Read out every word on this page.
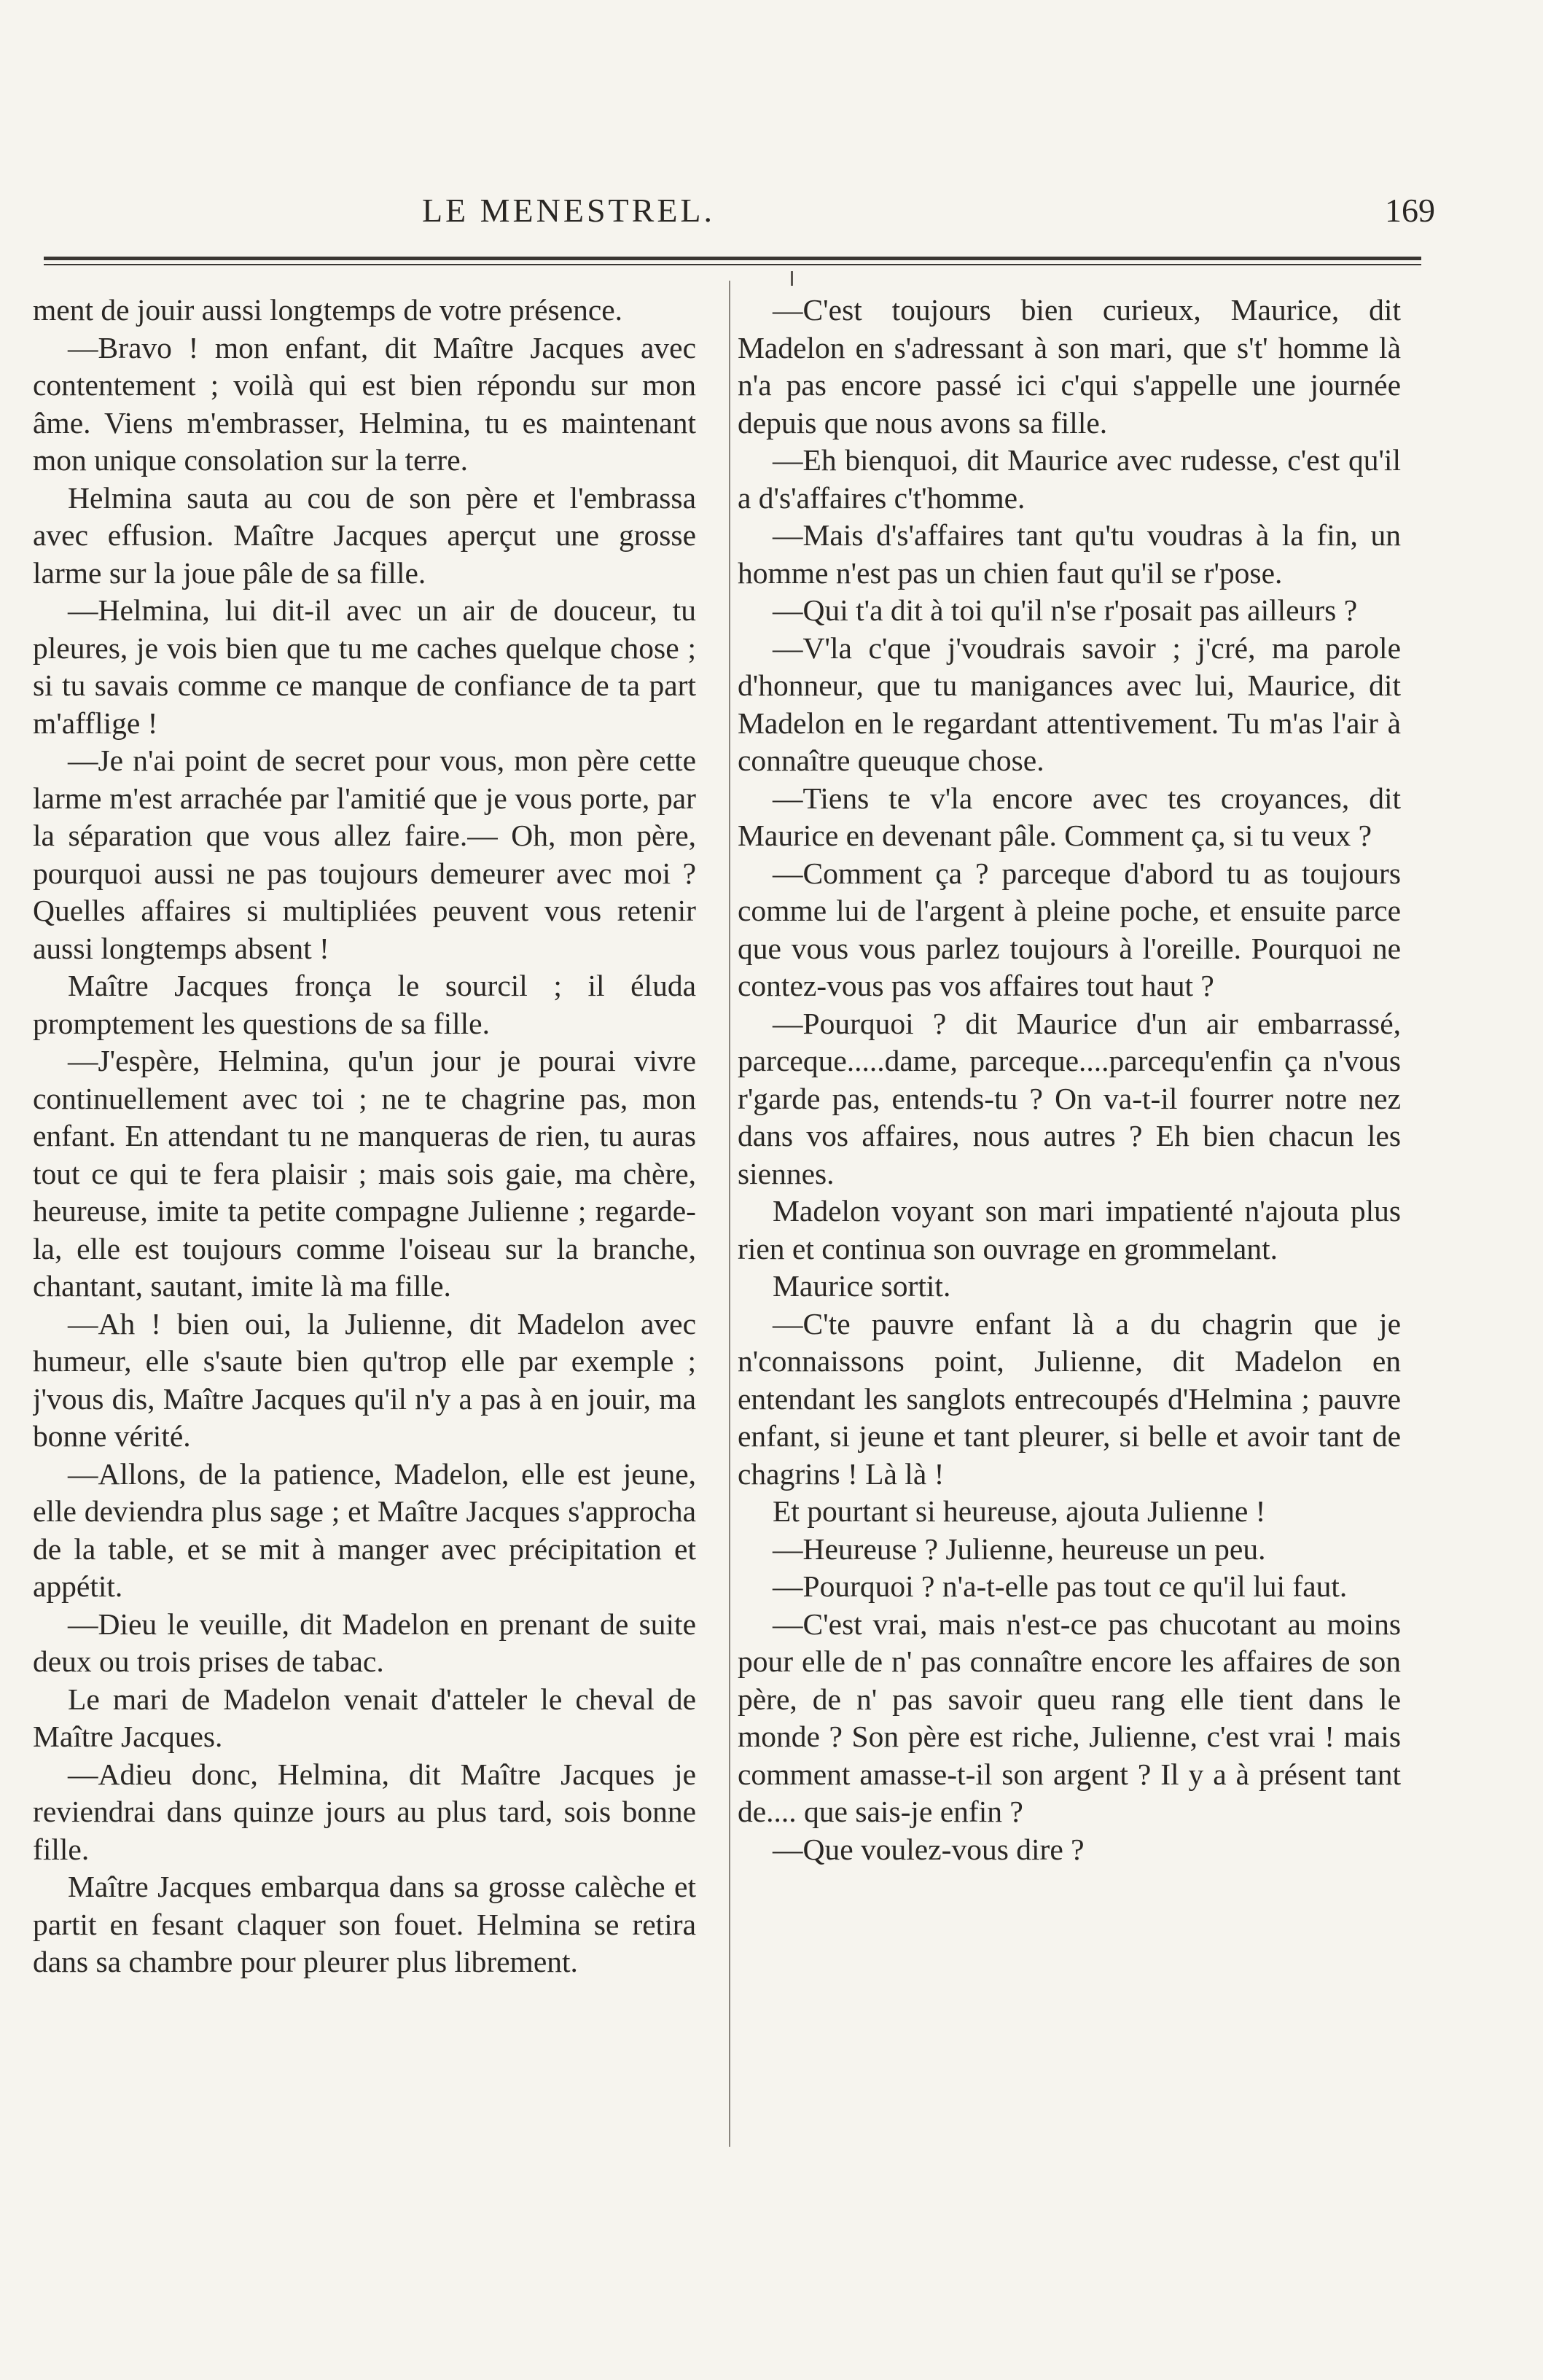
LE MENESTREL.	169

ment de jouir aussi longtemps de votre présence.

—Bravo ! mon enfant, dit Maître Jacques avec contentement ; voilà qui est bien répondu sur mon âme. Viens m'embrasser, Helmina, tu es maintenant mon unique consolation sur la terre.

Helmina sauta au cou de son père et l'embrassa avec effusion. Maître Jacques aperçut une grosse larme sur la joue pâle de sa fille.

—Helmina, lui dit-il avec un air de douceur, tu pleures, je vois bien que tu me caches quelque chose ; si tu savais comme ce manque de confiance de ta part m'afflige !

—Je n'ai point de secret pour vous, mon père cette larme m'est arrachée par l'amitié que je vous porte, par la séparation que vous allez faire.— Oh, mon père, pourquoi aussi ne pas toujours demeurer avec moi ? Quelles affaires si multipliées peuvent vous retenir aussi longtemps absent !

Maître Jacques fronça le sourcil ; il éluda promptement les questions de sa fille.

—J'espère, Helmina, qu'un jour je pourai vivre continuellement avec toi ; ne te chagrine pas, mon enfant. En attendant tu ne manqueras de rien, tu auras tout ce qui te fera plaisir ; mais sois gaie, ma chère, heureuse, imite ta petite compagne Julienne ; regarde-la, elle est toujours comme l'oiseau sur la branche, chantant, sautant, imite là ma fille.

—Ah ! bien oui, la Julienne, dit Madelon avec humeur, elle s'saute bien qu'trop elle par exemple ; j'vous dis, Maître Jacques qu'il n'y a pas à en jouir, ma bonne vérité.

—Allons, de la patience, Madelon, elle est jeune, elle deviendra plus sage ; et Maître Jacques s'approcha de la table, et se mit à manger avec précipitation et appétit.

—Dieu le veuille, dit Madelon en prenant de suite deux ou trois prises de tabac.

Le mari de Madelon venait d'atteler le cheval de Maître Jacques.

—Adieu donc, Helmina, dit Maître Jacques je reviendrai dans quinze jours au plus tard, sois bonne fille.

Maître Jacques embarqua dans sa grosse calèche et partit en fesant claquer son fouet. Helmina se retira dans sa chambre pour pleurer plus librement.

—C'est toujours bien curieux, Maurice, dit Madelon en s'adressant à son mari, que s't' homme là n'a pas encore passé ici c'qui s'appelle une journée depuis que nous avons sa fille.

—Eh bienquoi, dit Maurice avec rudesse, c'est qu'il a d's'affaires c't'homme.

—Mais d's'affaires tant qu'tu voudras à la fin, un homme n'est pas un chien faut qu'il se r'pose.

—Qui t'a dit à toi qu'il n'se r'posait pas ailleurs ?

—V'la c'que j'voudrais savoir ; j'cré, ma parole d'honneur, que tu manigances avec lui, Maurice, dit Madelon en le regardant attentivement. Tu m'as l'air à connaître queuque chose.

—Tiens te v'la encore avec tes croyances, dit Maurice en devenant pâle. Comment ça, si tu veux ?

—Comment ça ? parceque d'abord tu as toujours comme lui de l'argent à pleine poche, et ensuite parce que vous vous parlez toujours à l'oreille. Pourquoi ne contez-vous pas vos affaires tout haut ?

—Pourquoi ? dit Maurice d'un air embarrassé, parceque.....dame, parceque....parcequ'enfin ça n'vous r'garde pas, entends-tu ? On va-t-il fourrer notre nez dans vos affaires, nous autres ? Eh bien chacun les siennes.

Madelon voyant son mari impatienté n'ajouta plus rien et continua son ouvrage en grommelant.

Maurice sortit.

—C'te pauvre enfant là a du chagrin que je n'connaissons point, Julienne, dit Madelon en entendant les sanglots entrecoupés d'Helmina ; pauvre enfant, si jeune et tant pleurer, si belle et avoir tant de chagrins ! Là là !

Et pourtant si heureuse, ajouta Julienne !

—Heureuse ? Julienne, heureuse un peu.

—Pourquoi ? n'a-t-elle pas tout ce qu'il lui faut.

—C'est vrai, mais n'est-ce pas chucotant au moins pour elle de n' pas connaître encore les affaires de son père, de n' pas savoir queu rang elle tient dans le monde ? Son père est riche, Julienne, c'est vrai ! mais comment amasse-t-il son argent ? Il y a à présent tant de.... que sais-je enfin ?

—Que voulez-vous dire ?
